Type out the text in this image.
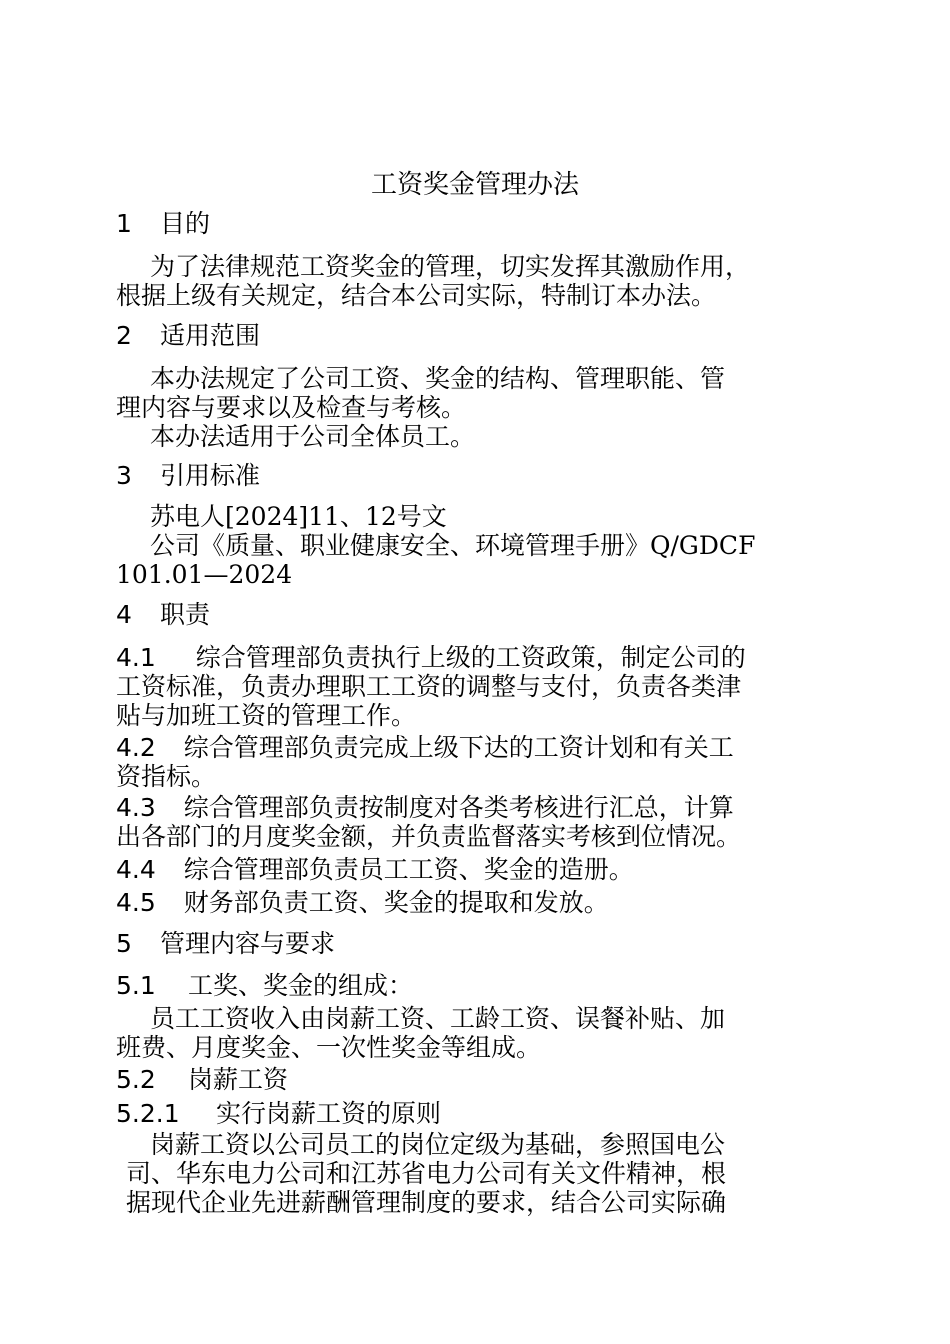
工资奖金管理办法
1 目的
为了法律规范工资奖金的管理，切实发挥其激励作用，
根据上级有关规定，结合本公司实际，特制订本办法。
2 适用范围
本办法规定了公司工资、奖金的结构、管理职能、管
理内容与要求以及检查与考核。
本办法适用于公司全体员工。
3 引用标准
苏电人[2024]11、12号文
公司《质量、职业健康安全、环境管理手册》Q/GDCF
101.01—2024
4 职责
4.1 综合管理部负责执行上级的工资政策，制定公司的
工资标准，负责办理职工工资的调整与支付，负责各类津
贴与加班工资的管理工作。
4.2 综合管理部负责完成上级下达的工资计划和有关工
资指标。
4.3 综合管理部负责按制度对各类考核进行汇总，计算
出各部门的月度奖金额，并负责监督落实考核到位情况。
4.4 综合管理部负责员工工资、奖金的造册。
4.5 财务部负责工资、奖金的提取和发放。
5 管理内容与要求
5.1 工奖、奖金的组成：
员工工资收入由岗薪工资、工龄工资、误餐补贴、加
班费、月度奖金、一次性奖金等组成。
5.2 岗薪工资
5.2.1 实行岗薪工资的原则
岗薪工资以公司员工的岗位定级为基础，参照国电公
司、华东电力公司和江苏省电力公司有关文件精神，根
据现代企业先进薪酬管理制度的要求，结合公司实际确
